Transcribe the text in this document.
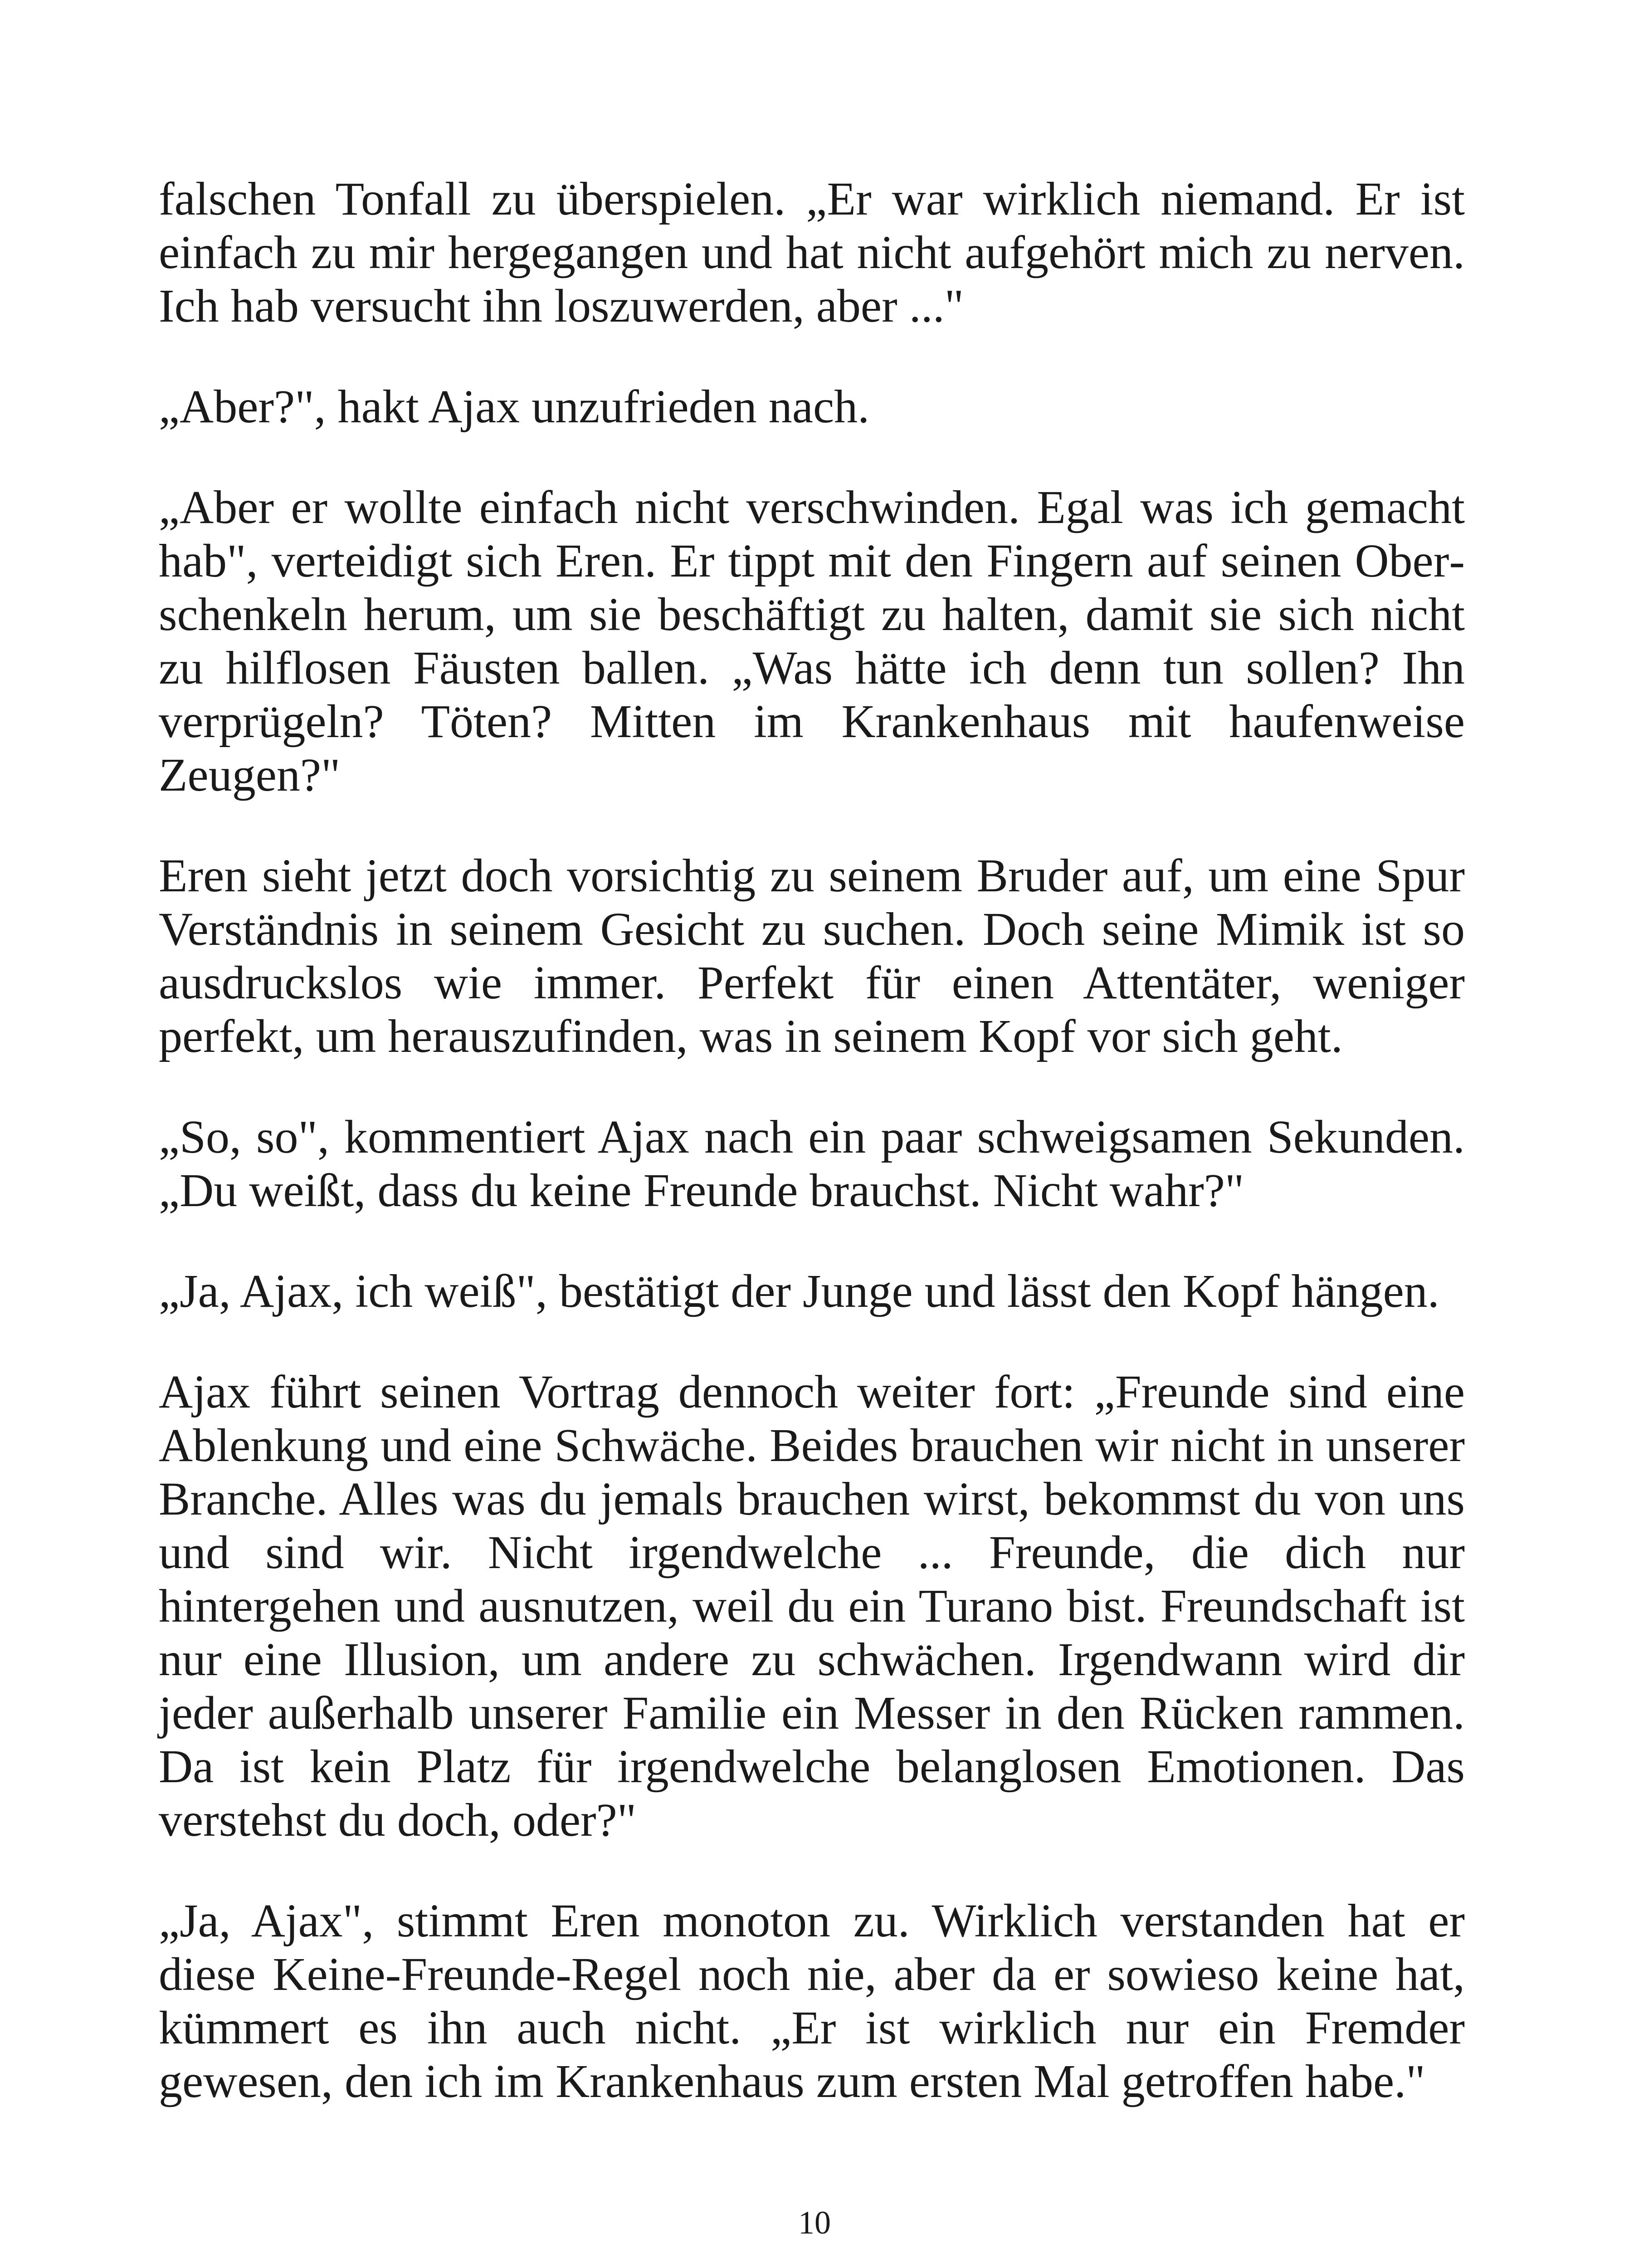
falschen Tonfall zu überspielen. „Er war wirklich niemand. Er ist einfach zu mir hergegangen und hat nicht aufgehört mich zu nerven. Ich hab versucht ihn loszuwerden, aber ..."

„Aber?", hakt Ajax unzufrieden nach.

„Aber er wollte einfach nicht verschwinden. Egal was ich gemacht hab", verteidigt sich Eren. Er tippt mit den Fingern auf seinen Oberschenkeln herum, um sie beschäftigt zu halten, damit sie sich nicht zu hilflosen Fäusten ballen. „Was hätte ich denn tun sollen? Ihn verprügeln? Töten? Mitten im Krankenhaus mit haufenweise Zeugen?"

Eren sieht jetzt doch vorsichtig zu seinem Bruder auf, um eine Spur Verständnis in seinem Gesicht zu suchen. Doch seine Mimik ist so ausdruckslos wie immer. Perfekt für einen Attentäter, weniger perfekt, um herauszufinden, was in seinem Kopf vor sich geht.

„So, so", kommentiert Ajax nach ein paar schweigsamen Sekunden. „Du weißt, dass du keine Freunde brauchst. Nicht wahr?"

„Ja, Ajax, ich weiß", bestätigt der Junge und lässt den Kopf hängen.

Ajax führt seinen Vortrag dennoch weiter fort: „Freunde sind eine Ablenkung und eine Schwäche. Beides brauchen wir nicht in unserer Branche. Alles was du jemals brauchen wirst, bekommst du von uns und sind wir. Nicht irgendwelche ... Freunde, die dich nur hintergehen und ausnutzen, weil du ein Turano bist. Freundschaft ist nur eine Illusion, um andere zu schwächen. Irgendwann wird dir jeder außerhalb unserer Familie ein Messer in den Rücken rammen. Da ist kein Platz für irgendwelche belanglosen Emotionen. Das verstehst du doch, oder?"

„Ja, Ajax", stimmt Eren monoton zu. Wirklich verstanden hat er diese Keine-Freunde-Regel noch nie, aber da er sowieso keine hat, kümmert es ihn auch nicht. „Er ist wirklich nur ein Fremder gewesen, den ich im Krankenhaus zum ersten Mal getroffen habe."

10
